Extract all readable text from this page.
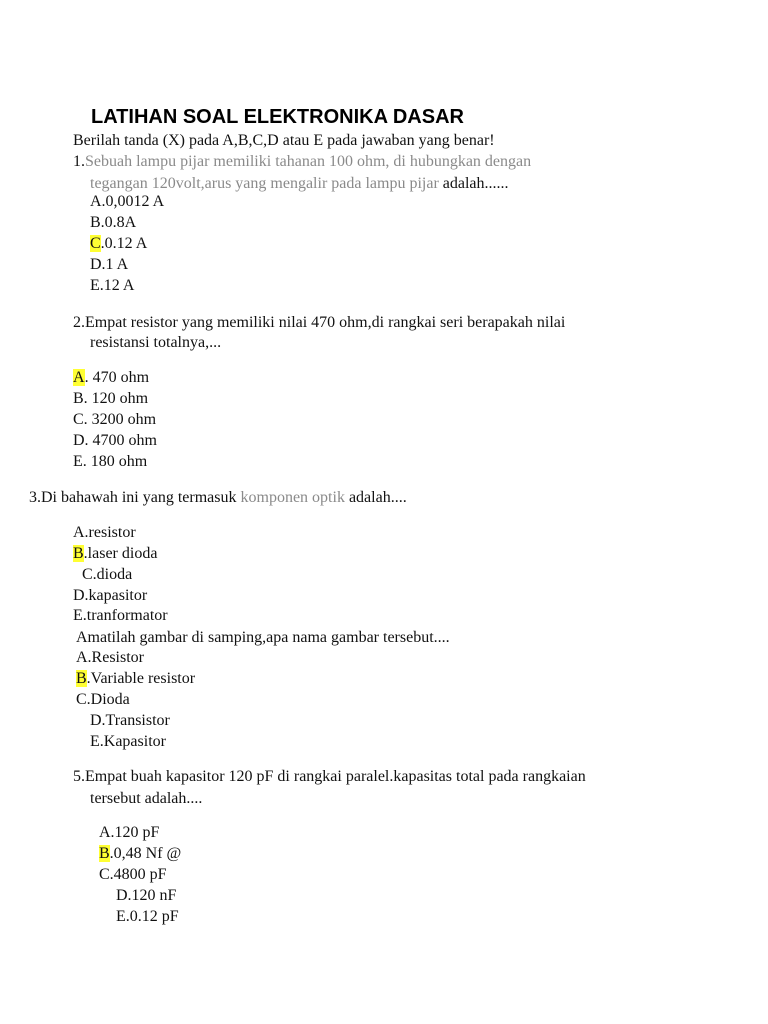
LATIHAN SOAL ELEKTRONIKA DASAR
Berilah tanda (X) pada A,B,C,D atau E pada jawaban yang benar!
1.Sebuah lampu pijar memiliki tahanan 100 ohm, di hubungkan dengan
tegangan 120volt,arus yang mengalir pada lampu pijar adalah......
A.0,0012 A
B.0.8A
C.0.12 A
D.1 A
E.12 A
2.Empat resistor yang memiliki nilai 470 ohm,di rangkai seri berapakah nilai
resistansi totalnya,...
A. 470 ohm
B. 120 ohm
C. 3200 ohm
D. 4700 ohm
E. 180 ohm
3.Di bahawah ini yang termasuk komponen optik adalah....
A.resistor
B.laser dioda
C.dioda
D.kapasitor
E.tranformator
Amatilah gambar di samping,apa nama gambar tersebut....
A.Resistor
B.Variable resistor
C.Dioda
D.Transistor
E.Kapasitor
5.Empat buah kapasitor 120 pF di rangkai paralel.kapasitas total pada rangkaian
tersebut adalah....
A.120 pF
B.0,48 Nf @
C.4800 pF
D.120 nF
E.0.12 pF
